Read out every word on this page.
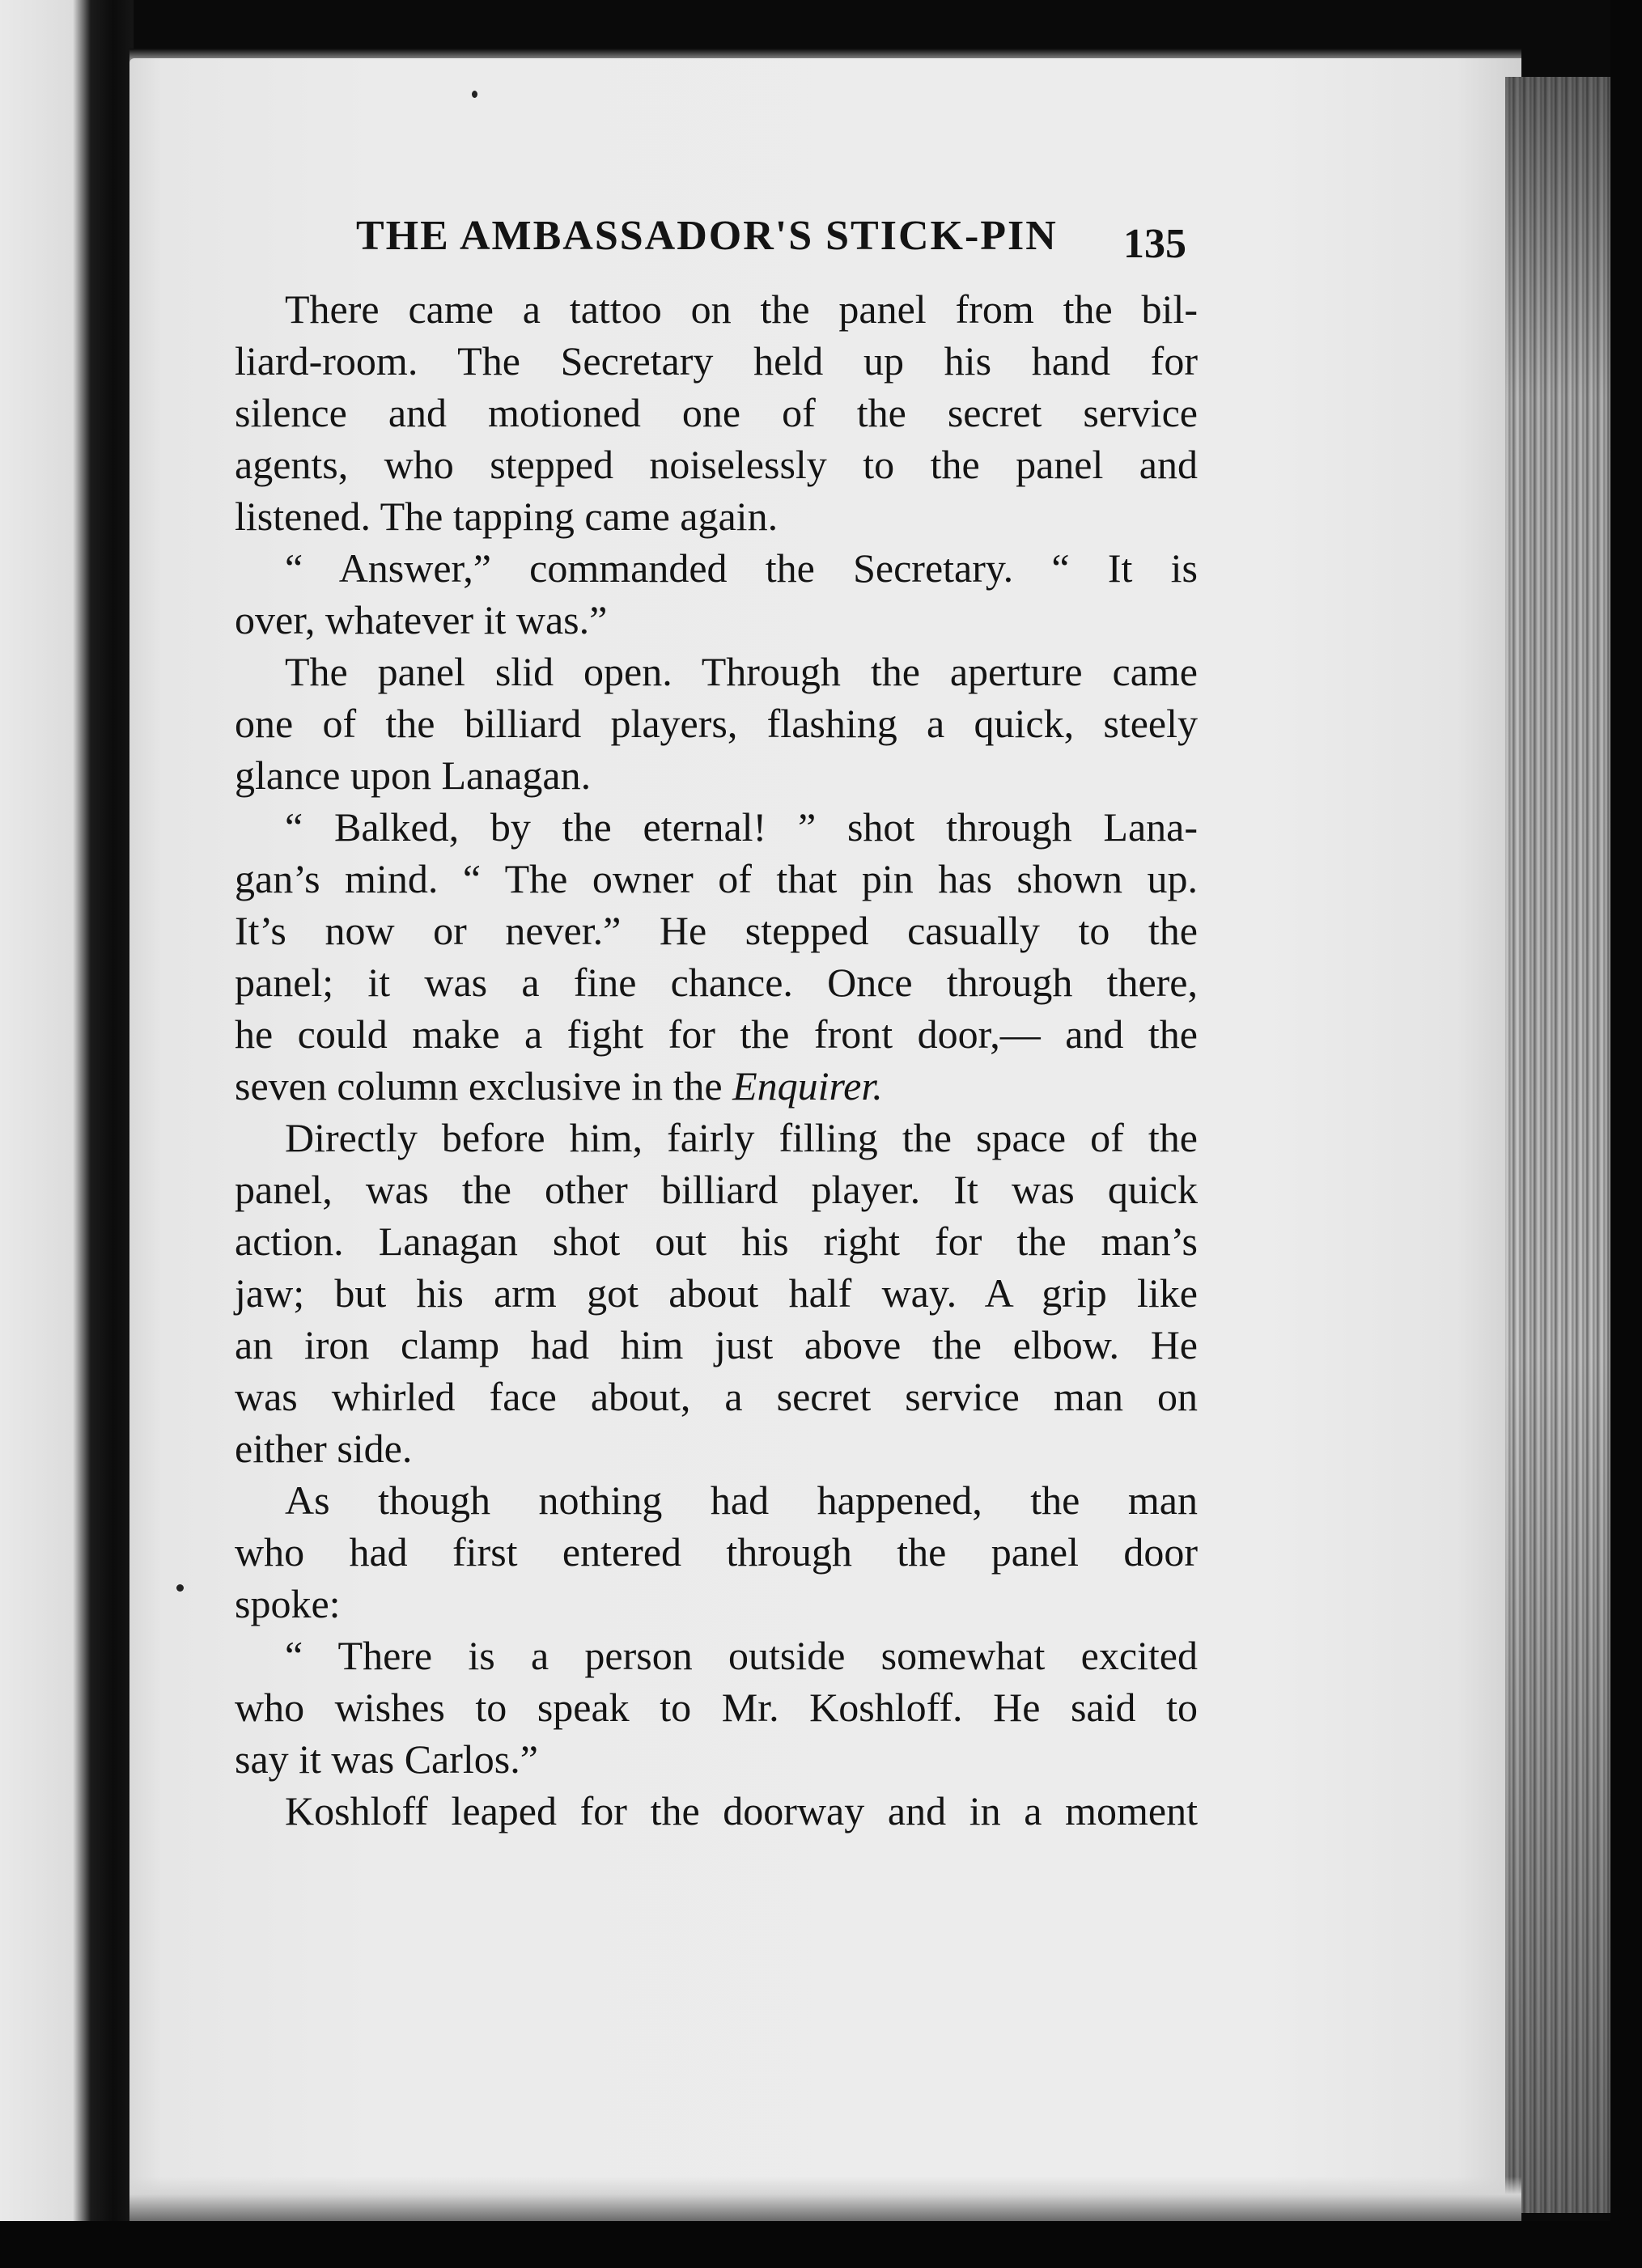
THE AMBASSADOR'S STICK-PIN	135
There came a tattoo on the panel from the bil-
liard-room. The Secretary held up his hand for
silence and motioned one of the secret service
agents, who stepped noiselessly to the panel and
listened. The tapping came again.
“ Answer,” commanded the Secretary. “ It is
over, whatever it was.”
The panel slid open. Through the aperture came
one of the billiard players, flashing a quick, steely
glance upon Lanagan.
“ Balked, by the eternal! ” shot through Lana-
gan’s mind. “ The owner of that pin has shown up.
It’s now or never.” He stepped casually to the
panel; it was a fine chance. Once through there,
he could make a fight for the front door,— and the
seven column exclusive in the Enquirer.
Directly before him, fairly filling the space of the
panel, was the other billiard player. It was quick
action. Lanagan shot out his right for the man’s
jaw; but his arm got about half way. A grip like
an iron clamp had him just above the elbow. He
was whirled face about, a secret service man on
either side.
As though nothing had happened, the man
who had first entered through the panel door
spoke:
“ There is a person outside somewhat excited
who wishes to speak to Mr. Koshloff. He said to
say it was Carlos.”
Koshloff leaped for the doorway and in a moment
